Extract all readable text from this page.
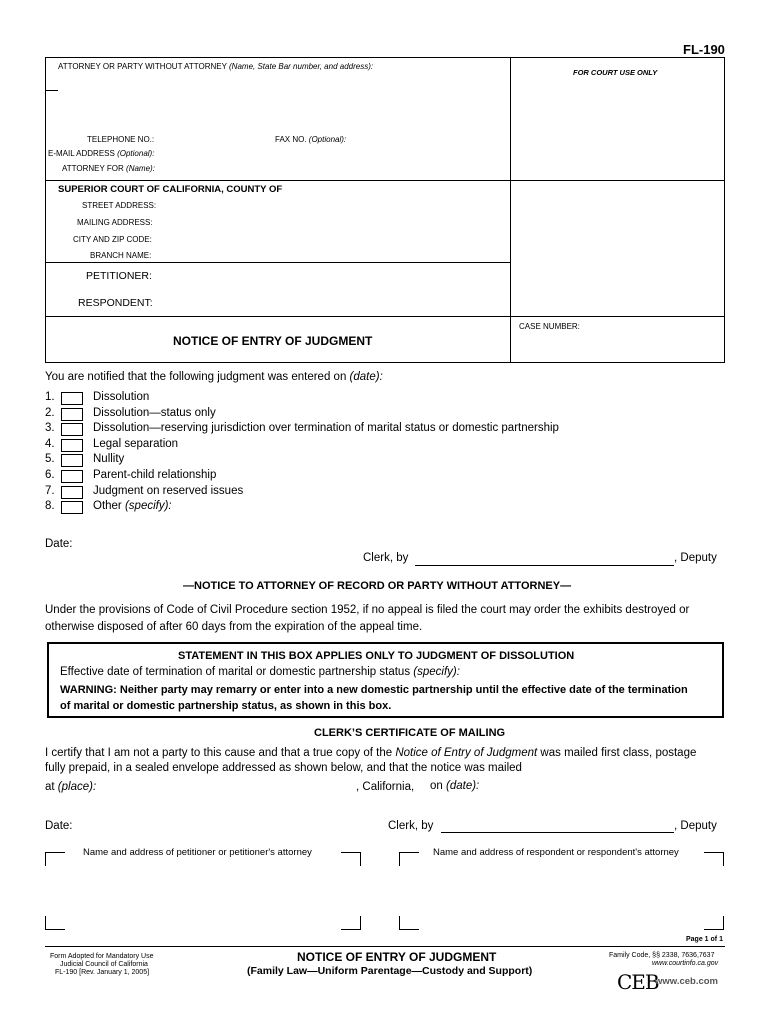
FL-190
ATTORNEY OR PARTY WITHOUT ATTORNEY (Name, State Bar number, and address):
FOR COURT USE ONLY
TELEPHONE NO.:	FAX NO. (Optional):
E-MAIL ADDRESS (Optional):
ATTORNEY FOR (Name):
SUPERIOR COURT OF CALIFORNIA, COUNTY OF
STREET ADDRESS:
MAILING ADDRESS:
CITY AND ZIP CODE:
BRANCH NAME:
PETITIONER:
RESPONDENT:
NOTICE OF ENTRY OF JUDGMENT
CASE NUMBER:
You are notified that the following judgment was entered on (date):
1.	Dissolution
2.	Dissolution—status only
3.	Dissolution—reserving jurisdiction over termination of marital status or domestic partnership
4.	Legal separation
5.	Nullity
6.	Parent-child relationship
7.	Judgment on reserved issues
8.	Other (specify):
Date:
Clerk, by	, Deputy
—NOTICE TO ATTORNEY OF RECORD OR PARTY WITHOUT ATTORNEY—
Under the provisions of Code of Civil Procedure section 1952, if no appeal is filed the court may order the exhibits destroyed or
otherwise disposed of after 60 days from the expiration of the appeal time.
STATEMENT IN THIS BOX APPLIES ONLY TO JUDGMENT OF DISSOLUTION
Effective date of termination of marital or domestic partnership status (specify):
WARNING: Neither party may remarry or enter into a new domestic partnership until the effective date of the termination
of marital or domestic partnership status, as shown in this box.
CLERK’S CERTIFICATE OF MAILING
I certify that I am not a party to this cause and that a true copy of the Notice of Entry of Judgment was mailed first class, postage
fully prepaid, in a sealed envelope addressed as shown below, and that the notice was mailed
at (place):	, California, on (date):
Date:	Clerk, by	, Deputy
Name and address of petitioner or petitioner's attorney	Name and address of respondent or respondent's attorney
Page 1 of 1
Form Adopted for Mandatory Use
Judicial Council of California
FL-190 [Rev. January 1, 2005]
NOTICE OF ENTRY OF JUDGMENT
(Family Law—Uniform Parentage—Custody and Support)
Family Code, §§ 2338, 7636,7637
www.courtinfo.ca.gov
CEB
www.ceb.com
